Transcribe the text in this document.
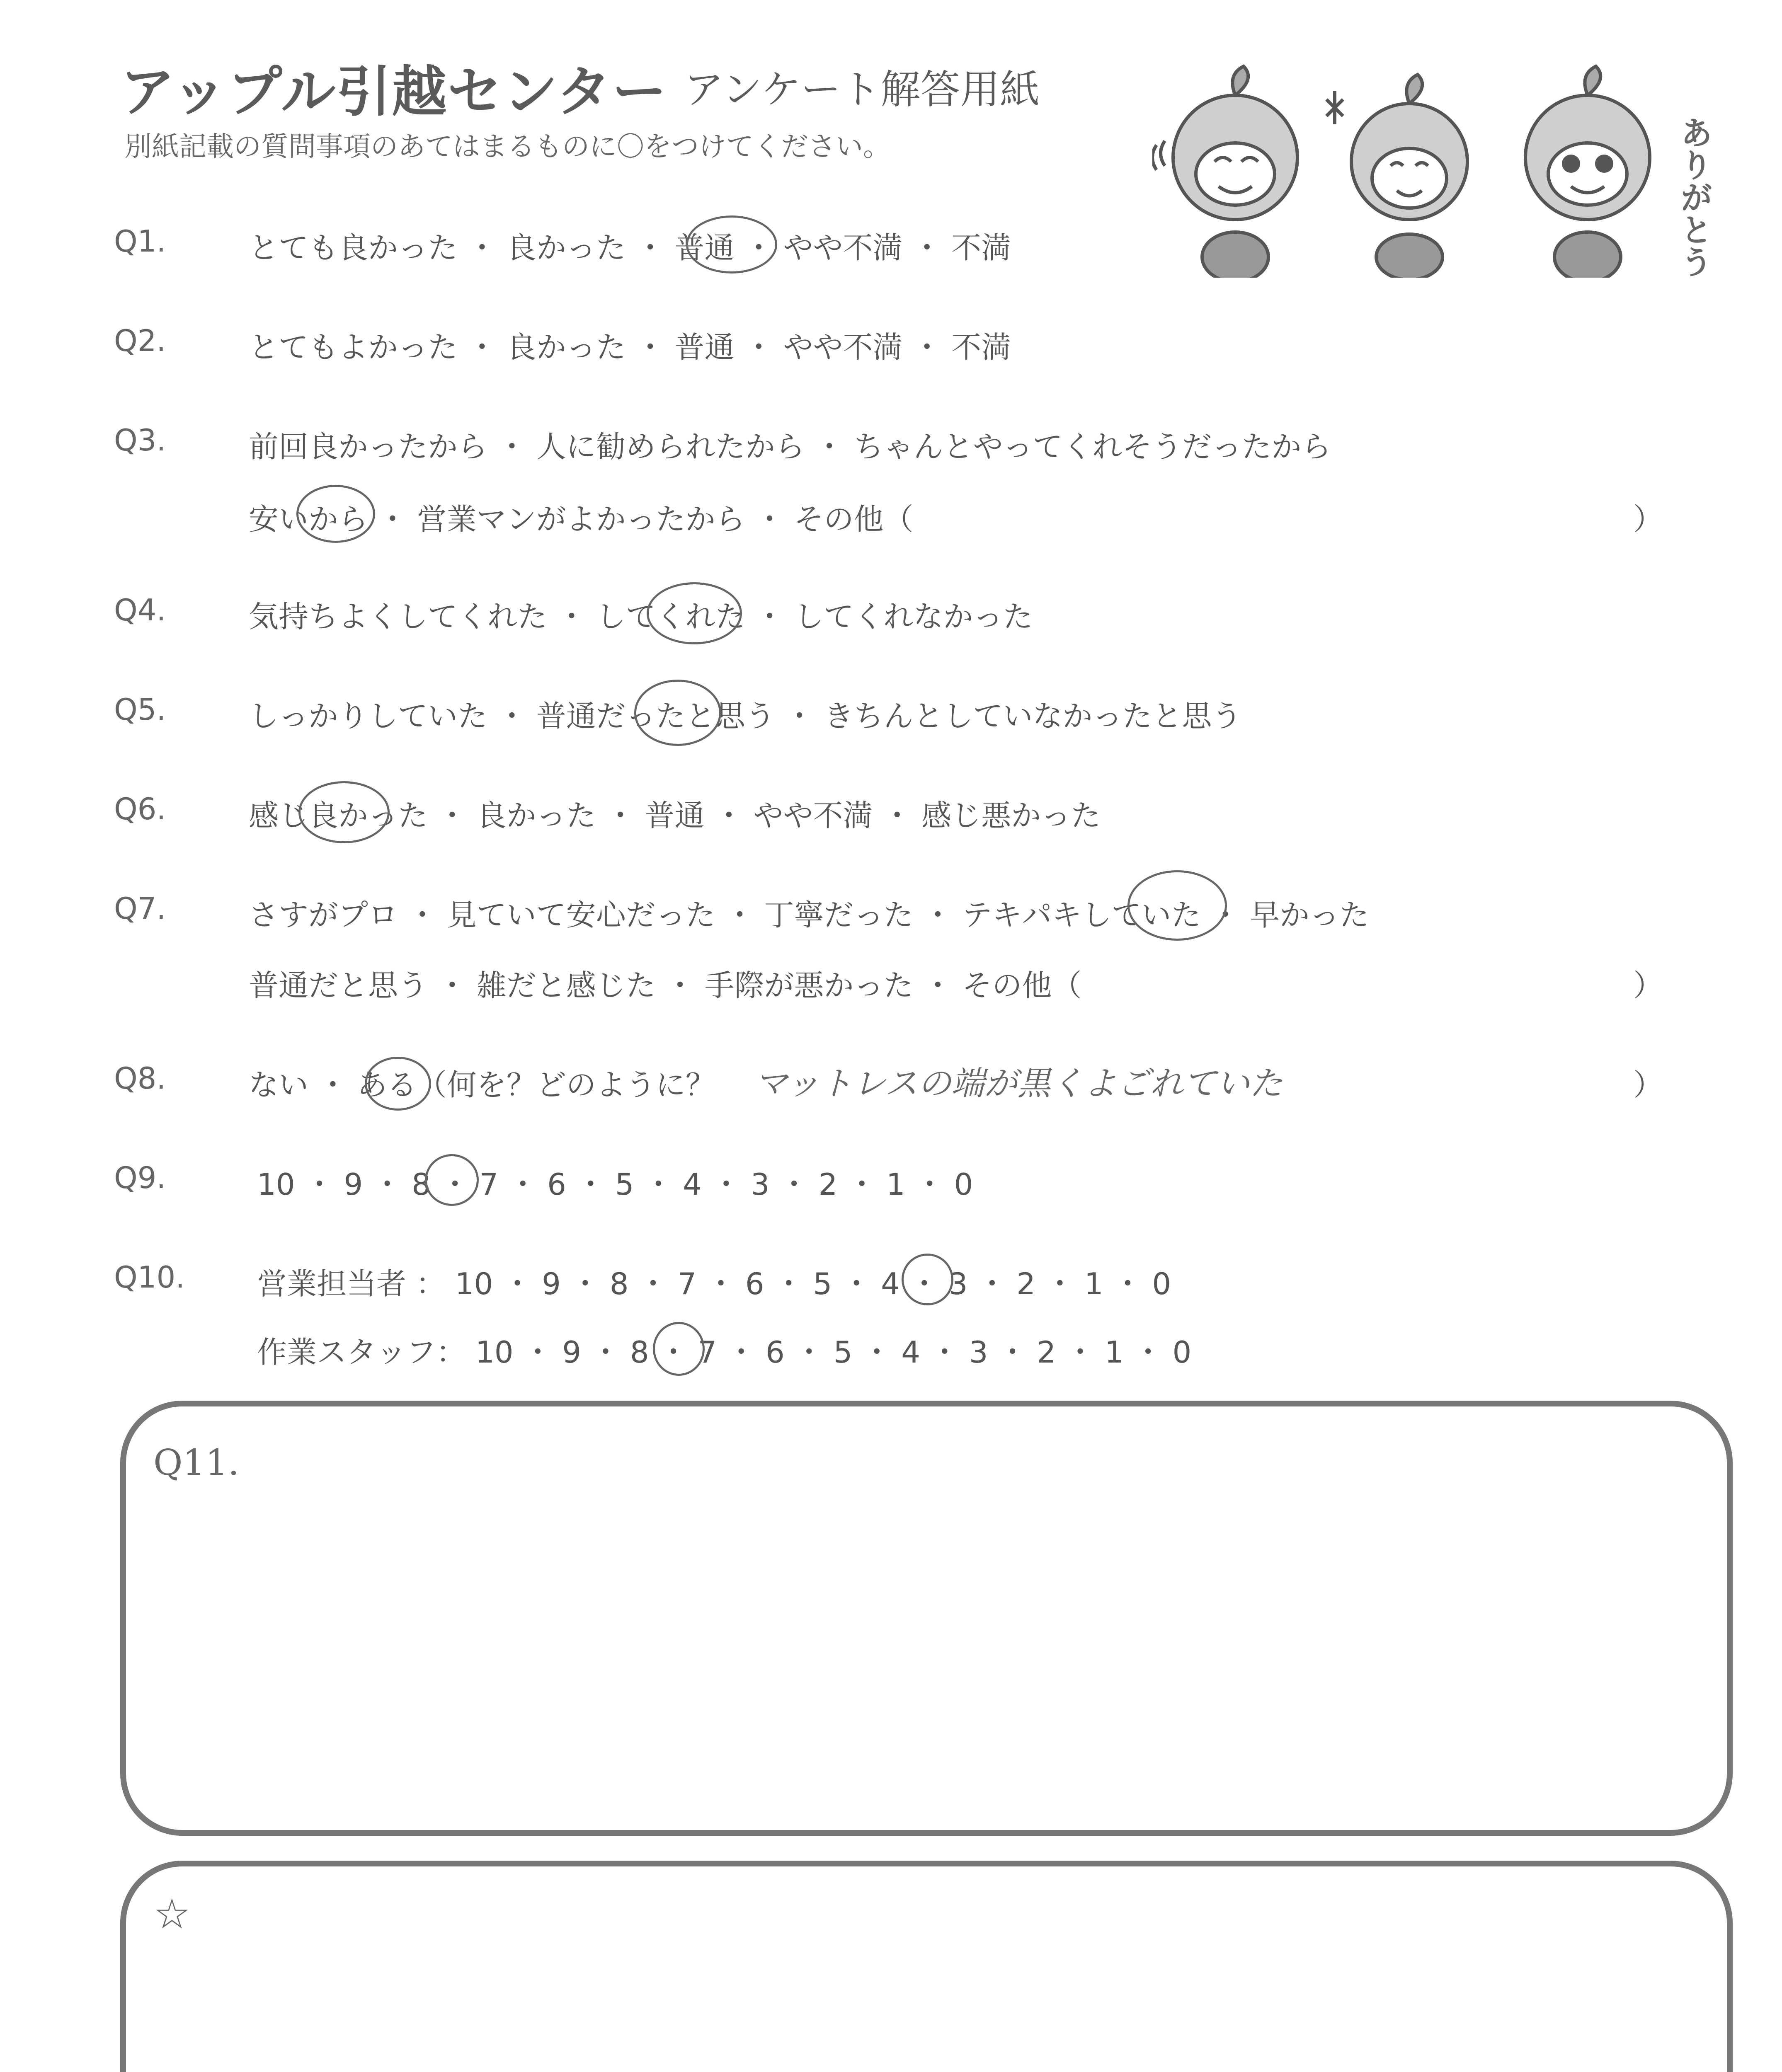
アップル引越センター アンケート解答用紙
別紙記載の質問事項のあてはまるものに〇をつけてください。	ありがとう
Q1.	とても良かった ・ 良かった ・ 普通 ・ やや不満 ・ 不満
Q2.	とてもよかった ・ 良かった ・ 普通 ・ やや不満 ・ 不満
Q3.	前回良かったから ・ 人に勧められたから ・ ちゃんとやってくれそうだったから
安いから ・ 営業マンがよかったから ・ その他（	）
Q4.	気持ちよくしてくれた ・ してくれた ・ してくれなかった
Q5.	しっかりしていた ・ 普通だったと思う ・ きちんとしていなかったと思う
Q6.	感じ良かった ・ 良かった ・ 普通 ・ やや不満 ・ 感じ悪かった
Q7.	さすがプロ ・ 見ていて安心だった ・ 丁寧だった ・ テキパキしていた ・ 早かった
普通だと思う ・ 雑だと感じた ・ 手際が悪かった ・ その他（	）
Q8.	ない ・ ある（何を？どのように？ マットレスの端が黒くよごれていた	）
Q9.	10 ・ 9 ・ 8 ・ 7 ・ 6 ・ 5 ・ 4 ・ 3 ・ 2 ・ 1 ・ 0
Q10. 営業担当者 ： 10 ・ 9 ・ 8 ・ 7 ・ 6 ・ 5 ・ 4 ・ 3 ・ 2 ・ 1 ・ 0
作業スタッフ： 10 ・ 9 ・ 8 ・ 7 ・ 6 ・ 5 ・ 4 ・ 3 ・ 2 ・ 1 ・ 0
Q11.
☆
